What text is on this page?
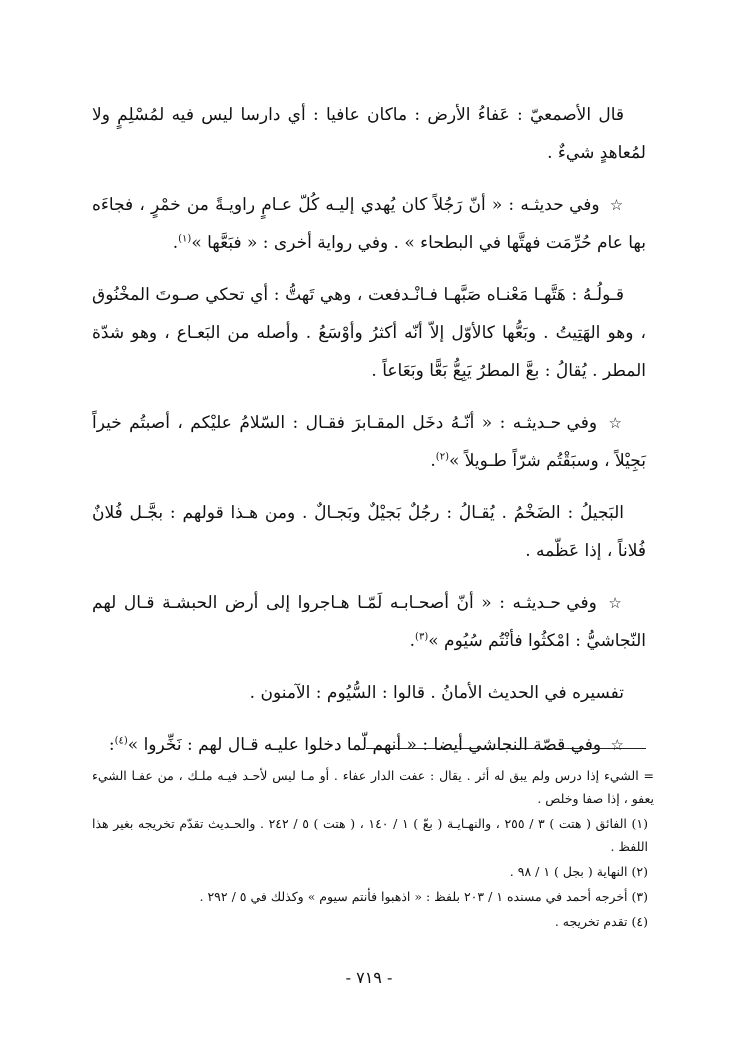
قال الأصمعيّ : عَفاءُ الأرض : ماكان عافيا : أي دارسا ليس فيه لمُسْلِمٍ ولا لمُعاهدٍ شيءٌ .

☆ وفي حديثـه : « أنّ رَجُلاً كان يُهدي إليـه كُلّ عـامٍ راويـةً من خمْرٍ ، فجاءَه بها عام حُرِّمَت فهتَّها في البطحاء » . وفي رواية أخرى : « فبَعَّها »$^{(١)}$.

قـولُـهُ : هَتَّهـا مَعْنـاه صَبَّهـا فـانْـدفعت ، وهي تَهتُّ : أي تحكي صـوتَ المخْنُوق ، وهو الهَتِيتُ . وبَعُّها كالأوّل إلاّ أنّه أكثرُ وأوْسَعُ . وأصله من البَعـاع ، وهو شدّة المطر . يُقالُ : بعَّ المطرُ يَبِعُّ بَعًّا وبَعَاعاً .

☆ وفي حـديثـه : « أنّـهُ دخَل المقـابرَ فقـال : السّلامُ عليْكم ، أصبتُم خيراً بَجِيْلاً ، وسبَقْتُم شرّاً طـويلاً »$^{(٢)}$.

البَجيلُ : الضَخْمُ . يُقـالُ : رجُلٌ بَجيْلٌ وبَجـالٌ . ومن هـذا قولهم : بجَّـل فُلانٌ فُلاناً ، إذا عَظّمه .

☆ وفي حـديثـه : « أنّ أصحـابـه لَمّـا هـاجروا إلى أرض الحبشـة قـال لهم النّجاشيُّ : امْكثُوا فأنْتُم سُيُوم »$^{(٣)}$.

تفسيره في الحديث الأمانُ . قالوا : السُّيُوم : الآمنون .

☆ وفي قصّة النجاشي أيضا : « أنهم لّما دخلوا عليـه قـال لهم : نَخِّروا »$^{(٤)}$:

= الشيء إذا درس ولم يبق له أثر . يقال : عفت الدار عفاء . أو مـا ليس لأحـد فيـه ملـك ، من عفـا الشيء يعفو ، إذا صفا وخلص .

(١) الفائق ( هتت ) ٣ / ٢٥٥ ، والنهـايـة ( بعّ ) ١ / ١٤٠ ، ( هتت ) ٥ / ٢٤٢ . والحـديث تقدّم تخريجه بغير هذا اللفظ .

(٢) النهاية ( بجل ) ١ / ٩٨ .

(٣) أخرجه أحمد في مسنده ١ / ٢٠٣ بلفظ : « اذهبوا فأنتم سيوم » وكذلك في ٥ / ٢٩٢ .

(٤) تقدم تخريجه .

- ٧١٩ -
